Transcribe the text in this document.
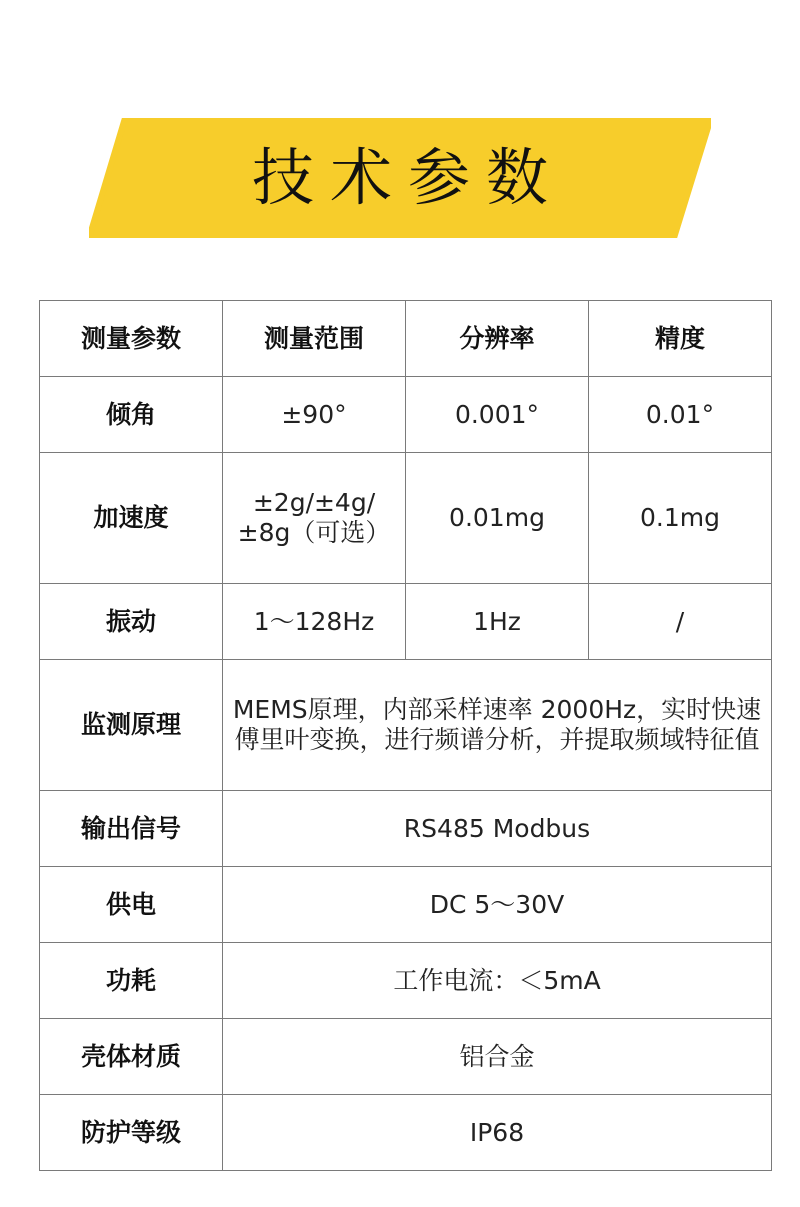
技术参数
测量参数	测量范围	分辨率	精度
倾角	±90°	0.001°	0.01°
加速度	±2g/±4g/±8g（可选）	0.01mg	0.1mg
振动	1～128Hz	1Hz	/
监测原理	MEMS原理，内部采样速率 2000Hz，实时快速傅里叶变换，进行频谱分析，并提取频域特征值		
输出信号	RS485 Modbus		
供电	DC 5～30V		
功耗	工作电流：＜5mA		
壳体材质	铝合金		
防护等级	IP68		
